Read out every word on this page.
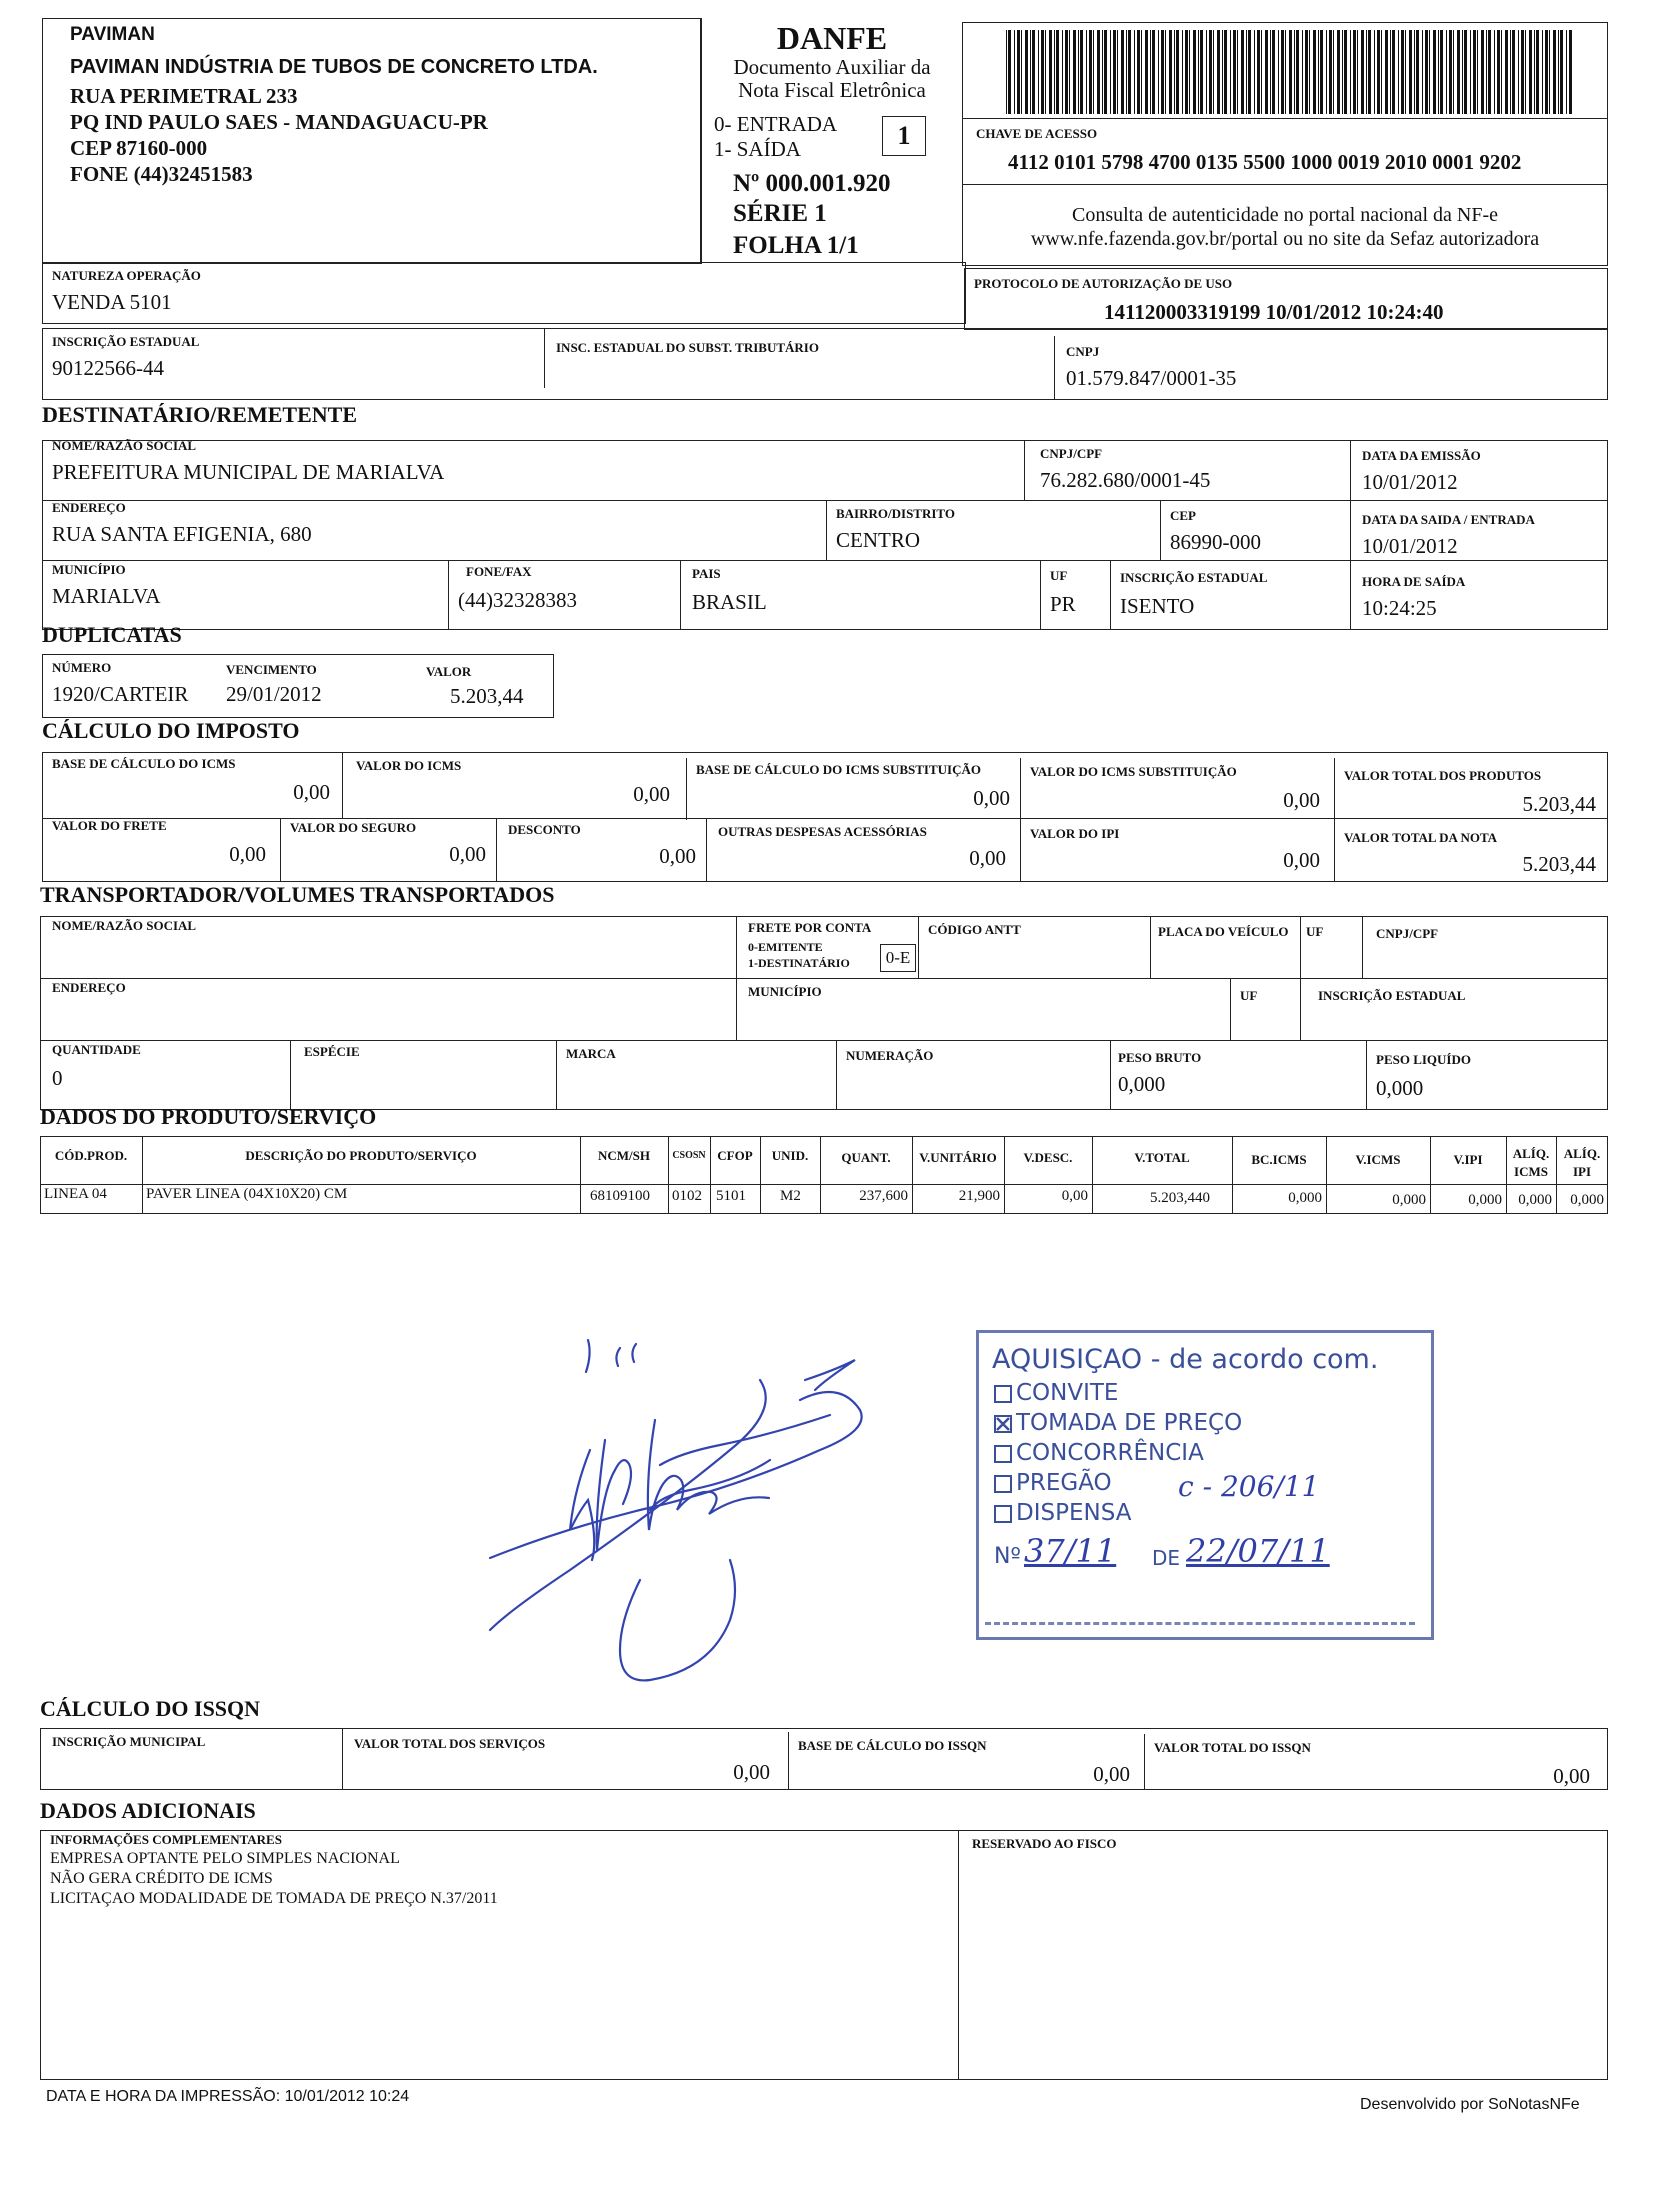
PAVIMAN
PAVIMAN INDÚSTRIA DE TUBOS DE CONCRETO LTDA.
RUA PERIMETRAL 233
PQ IND PAULO SAES - MANDAGUACU-PR
CEP 87160-000
FONE (44)32451583
DANFE
Documento Auxiliar da
Nota Fiscal Eletrônica
0- ENTRADA
1- SAÍDA	1
Nº 000.001.920
SÉRIE 1
FOLHA 1/1
CHAVE DE ACESSO
4112 0101 5798 4700 0135 5500 1000 0019 2010 0001 9202
Consulta de autenticidade no portal nacional da NF-e
www.nfe.fazenda.gov.br/portal ou no site da Sefaz autorizadora
NATUREZA OPERAÇÃO
VENDA 5101
PROTOCOLO DE AUTORIZAÇÃO DE USO
141120003319199 10/01/2012 10:24:40
INSCRIÇÃO ESTADUAL
90122566-44
INSC. ESTADUAL DO SUBST. TRIBUTÁRIO	CNPJ
01.579.847/0001-35
DESTINATÁRIO/REMETENTE
NOME/RAZÃO SOCIAL
PREFEITURA MUNICIPAL DE MARIALVA
CNPJ/CPF
76.282.680/0001-45
DATA DA EMISSÃO
10/01/2012
ENDEREÇO
RUA SANTA EFIGENIA, 680
BAIRRO/DISTRITO
CENTRO
CEP
86990-000
DATA DA SAIDA / ENTRADA
10/01/2012
MUNICÍPIO
MARIALVA
FONE/FAX
(44)32328383
PAIS
BRASIL
UF
PR
INSCRIÇÃO ESTADUAL
ISENTO
HORA DE SAÍDA
10:24:25
DUPLICATAS
NÚMERO
1920/CARTEIR
VENCIMENTO
29/01/2012
VALOR
5.203,44
CÁLCULO DO IMPOSTO
BASE DE CÁLCULO DO ICMS
0,00
VALOR DO ICMS
0,00
BASE DE CÁLCULO DO ICMS SUBSTITUIÇÃO
0,00
VALOR DO ICMS SUBSTITUIÇÃO
0,00
VALOR TOTAL DOS PRODUTOS
5.203,44
VALOR DO FRETE
0,00
VALOR DO SEGURO
0,00
DESCONTO
0,00
OUTRAS DESPESAS ACESSÓRIAS
0,00
VALOR DO IPI
0,00
VALOR TOTAL DA NOTA
5.203,44
TRANSPORTADOR/VOLUMES TRANSPORTADOS
NOME/RAZÃO SOCIAL	FRETE POR CONTA
0-EMITENTE
1-DESTINATÁRIO	0-E
CÓDIGO ANTT	PLACA DO VEÍCULO UF	CNPJ/CPF
ENDEREÇO	MUNICÍPIO	UF	INSCRIÇÃO ESTADUAL
QUANTIDADE
0
ESPÉCIE	MARCA	NUMERAÇÃO	PESO BRUTO
0,000
PESO LIQUÍDO
0,000
DADOS DO PRODUTO/SERVIÇO
CÓD.PROD.	DESCRIÇÃO DO PRODUTO/SERVIÇO	NCM/SH	CSOSN CFOP	UNID.	QUANT.	V.UNITÁRIO	V.DESC.	V.TOTAL	BC.ICMS	V.ICMS	V.IPI	ALÍQ.
ICMS
ALÍQ.
IPI
LINEA 04	PAVER LINEA (04X10X20) CM	68109100 0102 5101 M2	237,600	21,900	0,00	5.203,440	0,000	0,000	0,000	0,000	0,000
AQUISIÇAO - de acordo com.
CONVITE
TOMADA DE PREÇO
CONCORRÊNCIA
PREGÃO
DISPENSA
c - 206/11
Nº 37/11 DE 22/07/11
CÁLCULO DO ISSQN
INSCRIÇÃO MUNICIPAL	VALOR TOTAL DOS SERVIÇOS
0,00
BASE DE CÁLCULO DO ISSQN
0,00
VALOR TOTAL DO ISSQN
0,00
DADOS ADICIONAIS
INFORMAÇÕES COMPLEMENTARES
EMPRESA OPTANTE PELO SIMPLES NACIONAL
NÃO GERA CRÉDITO DE ICMS
LICITAÇAO MODALIDADE DE TOMADA DE PREÇO N.37/2011
RESERVADO AO FISCO
DATA E HORA DA IMPRESSÃO: 10/01/2012 10:24	Desenvolvido por SoNotasNFe
